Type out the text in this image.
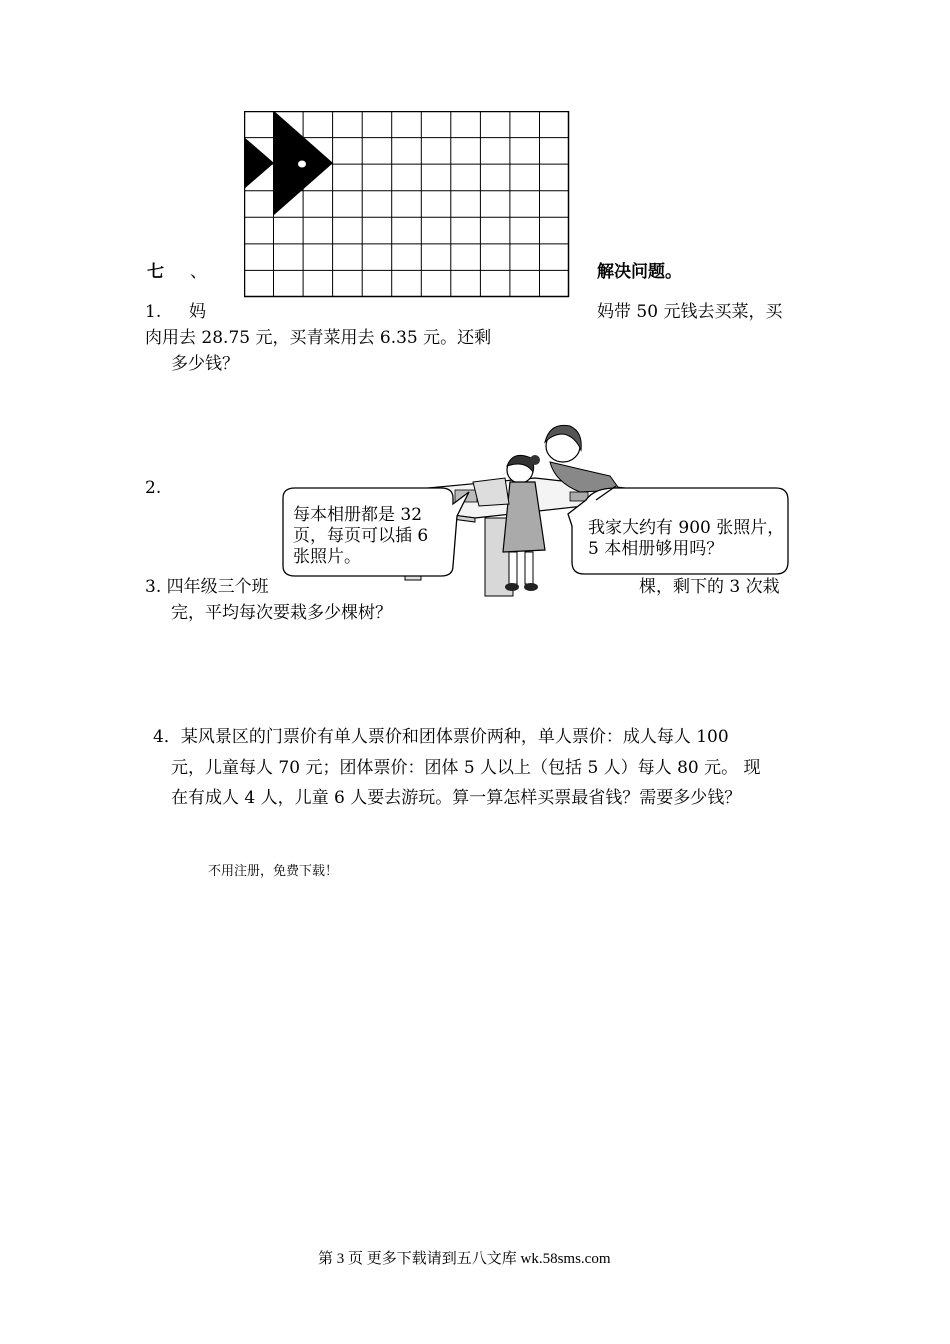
七 、	解决问题。
1. 妈	妈带 50 元钱去买菜，买
肉用去 28.75 元，买青菜用去 6.35 元。还剩
多少钱？
2.
每本相册都是 32 页，每页可以插 6 张照片。
我家大约有 900 张照片，5 本相册够用吗？
3. 四年级三个班	棵，剩下的 3 次栽
完，平均每次要栽多少棵树？
4．某风景区的门票价有单人票价和团体票价两种，单人票价：成人每人 100
元，儿童每人 70 元；团体票价：团体 5 人以上（包括 5 人）每人 80 元。 现
在有成人 4 人，儿童 6 人要去游玩。算一算怎样买票最省钱？需要多少钱？
不用注册，免费下载！
第 3 页 更多下载请到五八文库 wk.58sms.com
